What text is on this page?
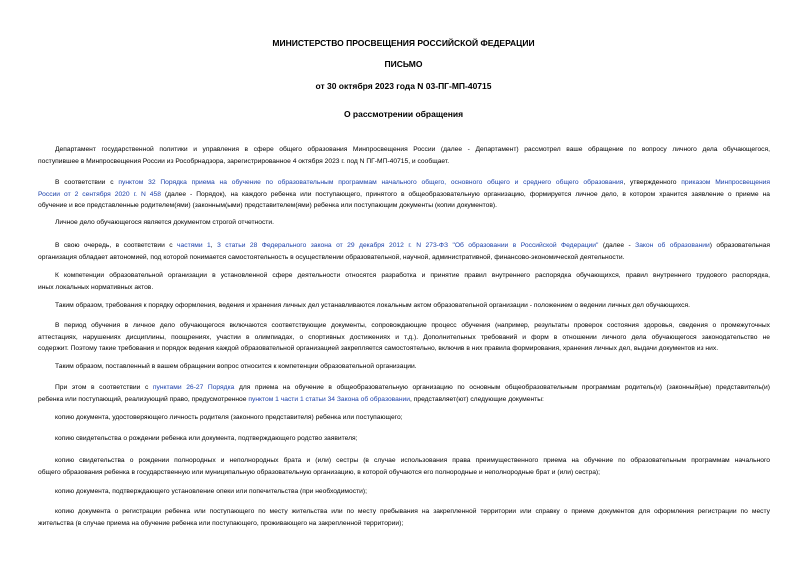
МИНИСТЕРСТВО ПРОСВЕЩЕНИЯ РОССИЙСКОЙ ФЕДЕРАЦИИ
ПИСЬМО
от 30 октября 2023 года N 03-ПГ-МП-40715
О рассмотрении обращения
Департамент государственной политики и управления в сфере общего образования Минпросвещения России (далее - Департамент) рассмотрел ваше обращение по вопросу личного дела обучающегося,
поступившее в Минпросвещения России из Рособрнадзора, зарегистрированное 4 октября 2023 г. под N ПГ-МП-40715, и сообщает.
В соответствии с пунктом 32 Порядка приема на обучение по образовательным программам начального общего, основного общего и среднего общего образования, утвержденного приказом Минпросвещения
России от 2 сентября 2020 г. N 458 (далее - Порядок), на каждого ребенка или поступающего, принятого в общеобразовательную организацию, формируется личное дело, в котором хранится заявление о приеме на
обучение и все представленные родителем(ями) (законным(ыми) представителем(ями) ребенка или поступающим документы (копии документов).
Личное дело обучающегося является документом строгой отчетности.
В свою очередь, в соответствии с частями 1, 3 статьи 28 Федерального закона от 29 декабря 2012 г. N 273-ФЗ "Об образовании в Российской Федерации" (далее - Закон об образовании) образовательная
организация обладает автономией, под которой понимается самостоятельность в осуществлении образовательной, научной, административной, финансово-экономической деятельности.
К компетенции образовательной организации в установленной сфере деятельности относятся разработка и принятие правил внутреннего распорядка обучающихся, правил внутреннего трудового распорядка,
иных локальных нормативных актов.
Таким образом, требования к порядку оформления, ведения и хранения личных дел устанавливаются локальным актом образовательной организации - положением о ведении личных дел обучающихся.
В период обучения в личное дело обучающегося включаются соответствующие документы, сопровождающие процесс обучения (например, результаты проверок состояния здоровья, сведения о промежуточных
аттестациях, нарушениях дисциплины, поощрениях, участии в олимпиадах, о спортивных достижениях и т.д.). Дополнительных требований и форм в отношении личного дела обучающегося законодательство не
содержит. Поэтому такие требования и порядок ведения каждой образовательной организацией закрепляется самостоятельно, включив в них правила формирования, хранения личных дел, выдачи документов из них.
Таким образом, поставленный в вашем обращении вопрос относится к компетенции образовательной организации.
При этом в соответствии с пунктами 26-27 Порядка для приема на обучение в общеобразовательную организацию по основным общеобразовательным программам родитель(и) (законный(ые) представитель(и)
ребенка или поступающий, реализующий право, предусмотренное пунктом 1 части 1 статьи 34 Закона об образовании, представляет(ют) следующие документы:
копию документа, удостоверяющего личность родителя (законного представителя) ребенка или поступающего;
копию свидетельства о рождении ребенка или документа, подтверждающего родство заявителя;
копию свидетельства о рождении полнородных и неполнородных брата и (или) сестры (в случае использования права преимущественного приема на обучение по образовательным программам начального
общего образования ребенка в государственную или муниципальную образовательную организацию, в которой обучаются его полнородные и неполнородные брат и (или) сестра);
копию документа, подтверждающего установление опеки или попечительства (при необходимости);
копию документа о регистрации ребенка или поступающего по месту жительства или по месту пребывания на закрепленной территории или справку о приеме документов для оформления регистрации по месту
жительства (в случае приема на обучение ребенка или поступающего, проживающего на закрепленной территории);
